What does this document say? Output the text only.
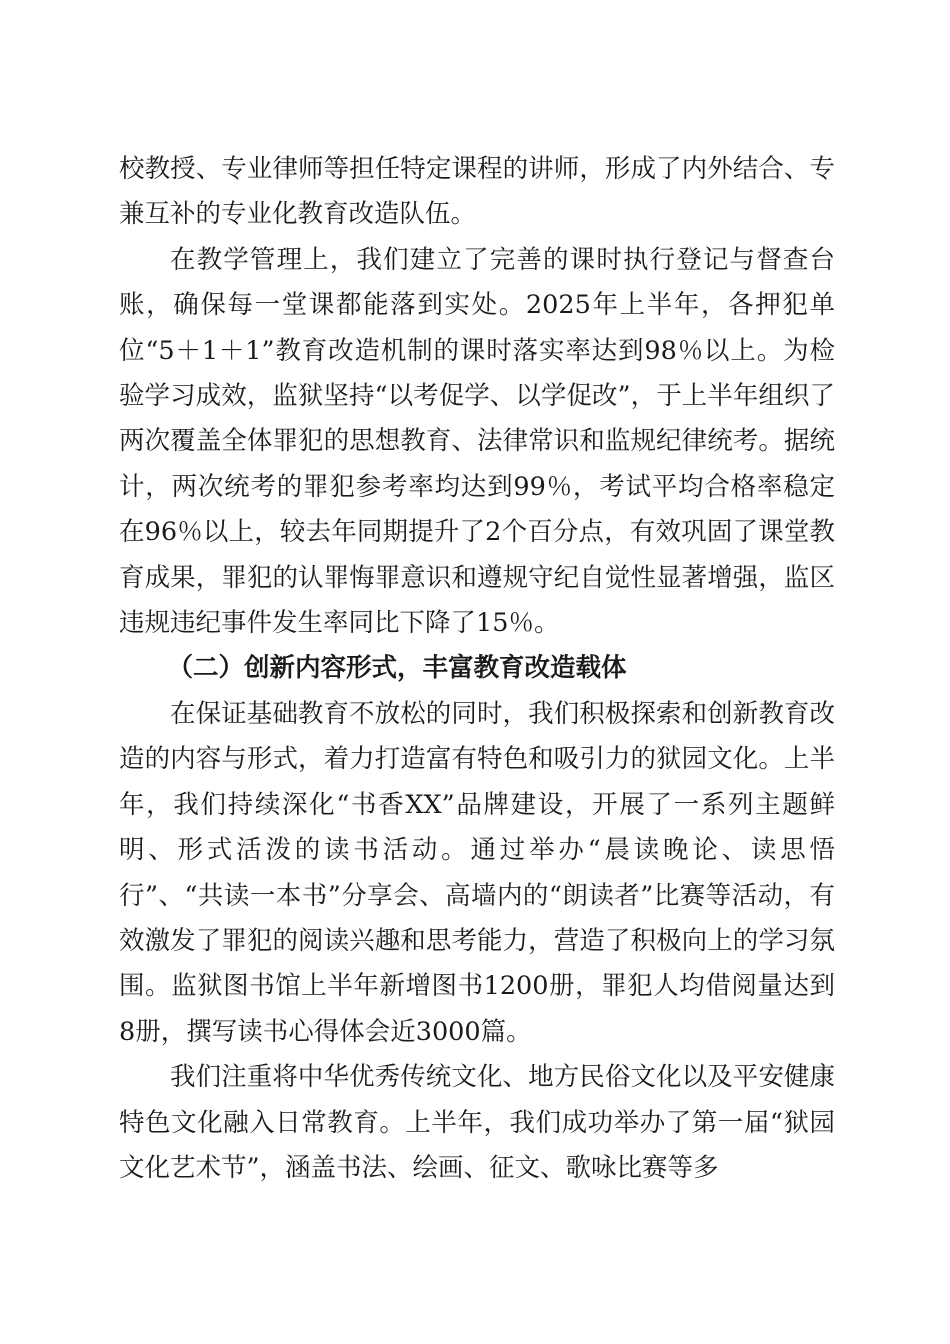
校教授、专业律师等担任特定课程的讲师，形成了内外结合、专兼互补的专业化教育改造队伍。

在教学管理上，我们建立了完善的课时执行登记与督查台账，确保每一堂课都能落到实处。2025年上半年，各押犯单位“5＋1＋1”教育改造机制的课时落实率达到98％以上。为检验学习成效，监狱坚持“以考促学、以学促改”，于上半年组织了两次覆盖全体罪犯的思想教育、法律常识和监规纪律统考。据统计，两次统考的罪犯参考率均达到99％，考试平均合格率稳定在96％以上，较去年同期提升了2个百分点，有效巩固了课堂教育成果，罪犯的认罪悔罪意识和遵规守纪自觉性显著增强，监区违规违纪事件发生率同比下降了15％。

（二）创新内容形式，丰富教育改造载体

在保证基础教育不放松的同时，我们积极探索和创新教育改造的内容与形式，着力打造富有特色和吸引力的狱园文化。上半年，我们持续深化“书香XX”品牌建设，开展了一系列主题鲜明、形式活泼的读书活动。通过举办“晨读晚论、读思悟行”、“共读一本书”分享会、高墙内的“朗读者”比赛等活动，有效激发了罪犯的阅读兴趣和思考能力，营造了积极向上的学习氛围。监狱图书馆上半年新增图书1200册，罪犯人均借阅量达到8册，撰写读书心得体会近3000篇。

我们注重将中华优秀传统文化、地方民俗文化以及平安健康特色文化融入日常教育。上半年，我们成功举办了第一届“狱园文化艺术节”，涵盖书法、绘画、征文、歌咏比赛等多
